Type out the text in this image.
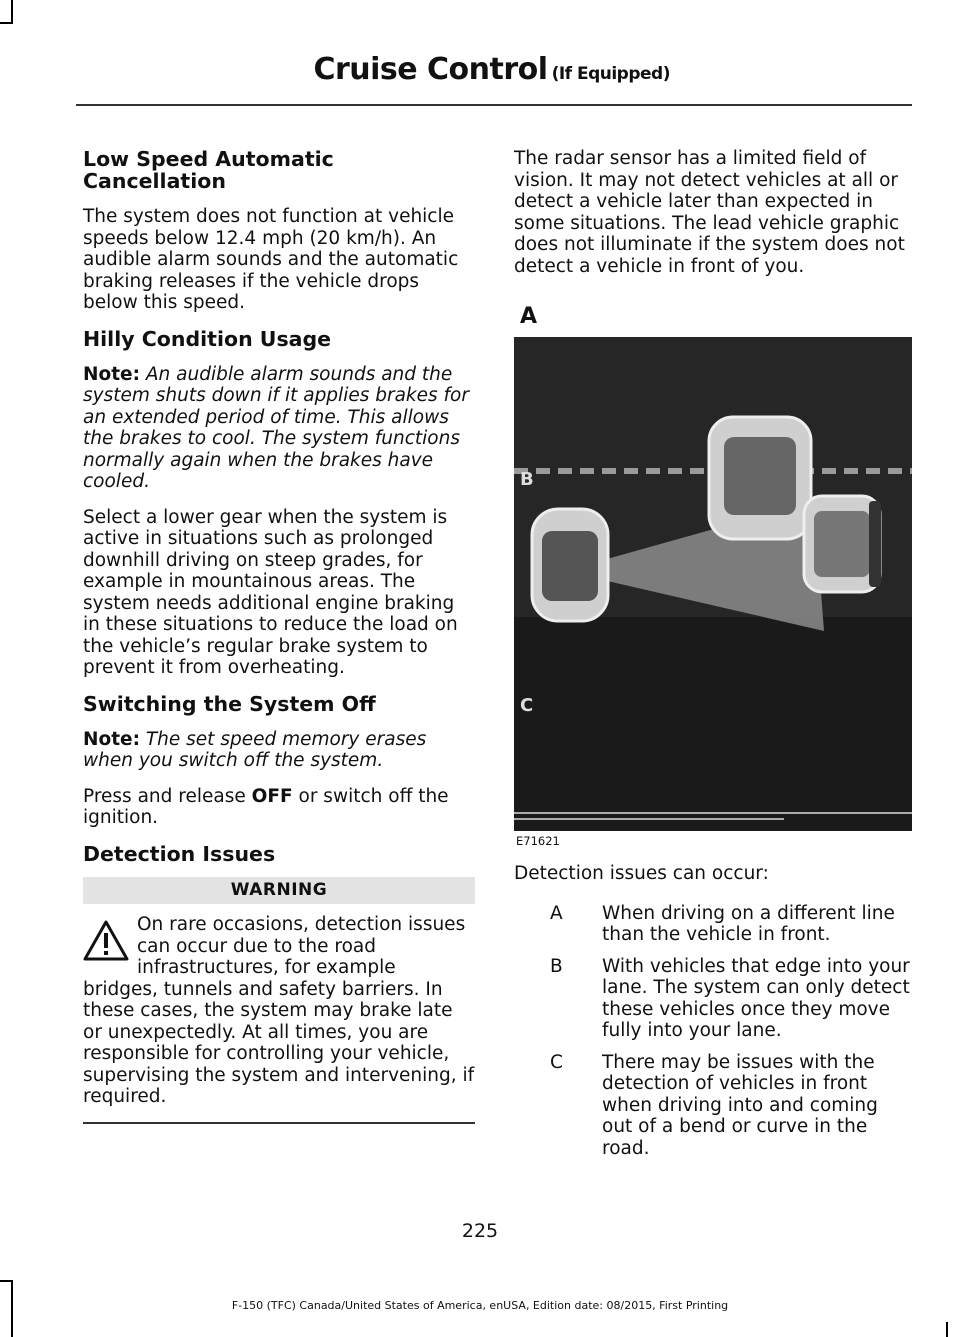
Cruise Control (If Equipped)
Low Speed Automatic Cancellation

The system does not function at vehicle speeds below 12.4 mph (20 km/h). An audible alarm sounds and the automatic braking releases if the vehicle drops below this speed.

Hilly Condition Usage

Note: An audible alarm sounds and the system shuts down if it applies brakes for an extended period of time. This allows the brakes to cool. The system functions normally again when the brakes have cooled.

Select a lower gear when the system is active in situations such as prolonged downhill driving on steep grades, for example in mountainous areas. The system needs additional engine braking in these situations to reduce the load on the vehicle’s regular brake system to prevent it from overheating.

Switching the System Off

Note: The set speed memory erases when you switch off the system.

Press and release OFF or switch off the ignition.

Detection Issues
WARNING
On rare occasions, detection issues can occur due to the road infrastructures, for example bridges, tunnels and safety barriers. In these cases, the system may brake late or unexpectedly. At all times, you are responsible for controlling your vehicle, supervising the system and intervening, if required.

The radar sensor has a limited field of vision. It may not detect vehicles at all or detect a vehicle later than expected in some situations. The lead vehicle graphic does not illuminate if the system does not detect a vehicle in front of you.

A
B
C
E71621

Detection issues can occur:

A	When driving on a different line than the vehicle in front.
B	With vehicles that edge into your lane. The system can only detect these vehicles once they move fully into your lane.
C	There may be issues with the detection of vehicles in front when driving into and coming out of a bend or curve in the road.
225
F-150 (TFC) Canada/United States of America, enUSA, Edition date: 08/2015, First Printing
